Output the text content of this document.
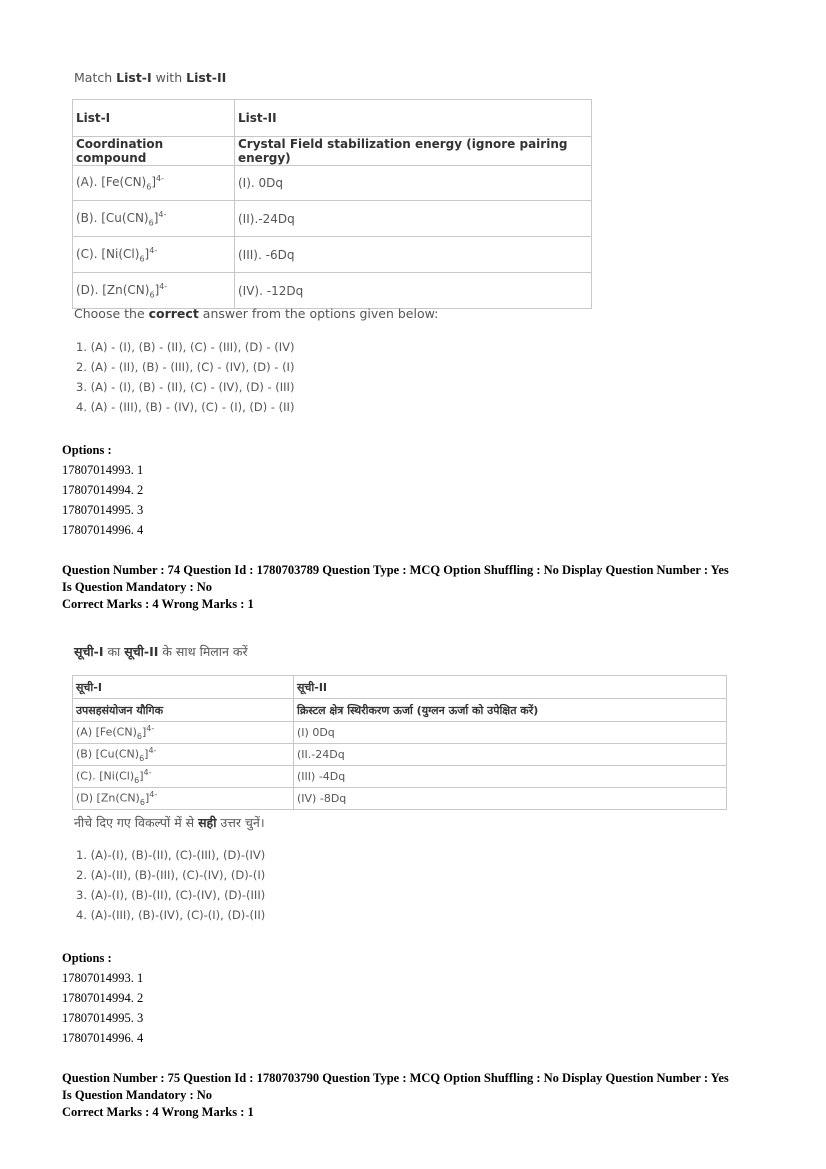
Match List-I with List-II
List-I	List-II
Coordination compound	Crystal Field stabilization energy (ignore pairing energy)
(A). $[Fe(CN)_6]^{4-}$	(I). 0Dq
(B). $[Cu(CN)_6]^{4-}$	(II).-24Dq
(C). $[Ni(Cl)_6]^{4-}$	(III). -6Dq
(D). $[Zn(CN)_6]^{4-}$	(IV). -12Dq
Choose the correct answer from the options given below:
1. (A) - (I), (B) - (II), (C) - (III), (D) - (IV)
2. (A) - (II), (B) - (III), (C) - (IV), (D) - (I)
3. (A) - (I), (B) - (II), (C) - (IV), (D) - (III)
4. (A) - (III), (B) - (IV), (C) - (I), (D) - (II)
Options :
17807014993. 1
17807014994. 2
17807014995. 3
17807014996. 4
Question Number : 74 Question Id : 1780703789 Question Type : MCQ Option Shuffling : No Display Question Number : Yes
Is Question Mandatory : No
Correct Marks : 4 Wrong Marks : 1
सूची-I का सूची-II के साथ मिलान करें
सूची-I	सूची-II
उपसहसंयोजन यौगिक	क्रिस्टल क्षेत्र स्थिरीकरण ऊर्जा (युग्लन ऊर्जा को उपेक्षित करें)
(A) $[Fe(CN)_6]^{4-}$	(I) 0Dq
(B) $[Cu(CN)_6]^{4-}$	(II.-24Dq
(C). $[Ni(Cl)_6]^{4-}$	(III) -4Dq
(D) $[Zn(CN)_6]^{4-}$	(IV) -8Dq
नीचे दिए गए विकल्पों में से सही उत्तर चुनें।
1. (A)-(I), (B)-(II), (C)-(III), (D)-(IV)
2. (A)-(II), (B)-(III), (C)-(IV), (D)-(I)
3. (A)-(I), (B)-(II), (C)-(IV), (D)-(III)
4. (A)-(III), (B)-(IV), (C)-(I), (D)-(II)
Options :
17807014993. 1
17807014994. 2
17807014995. 3
17807014996. 4
Question Number : 75 Question Id : 1780703790 Question Type : MCQ Option Shuffling : No Display Question Number : Yes
Is Question Mandatory : No
Correct Marks : 4 Wrong Marks : 1
